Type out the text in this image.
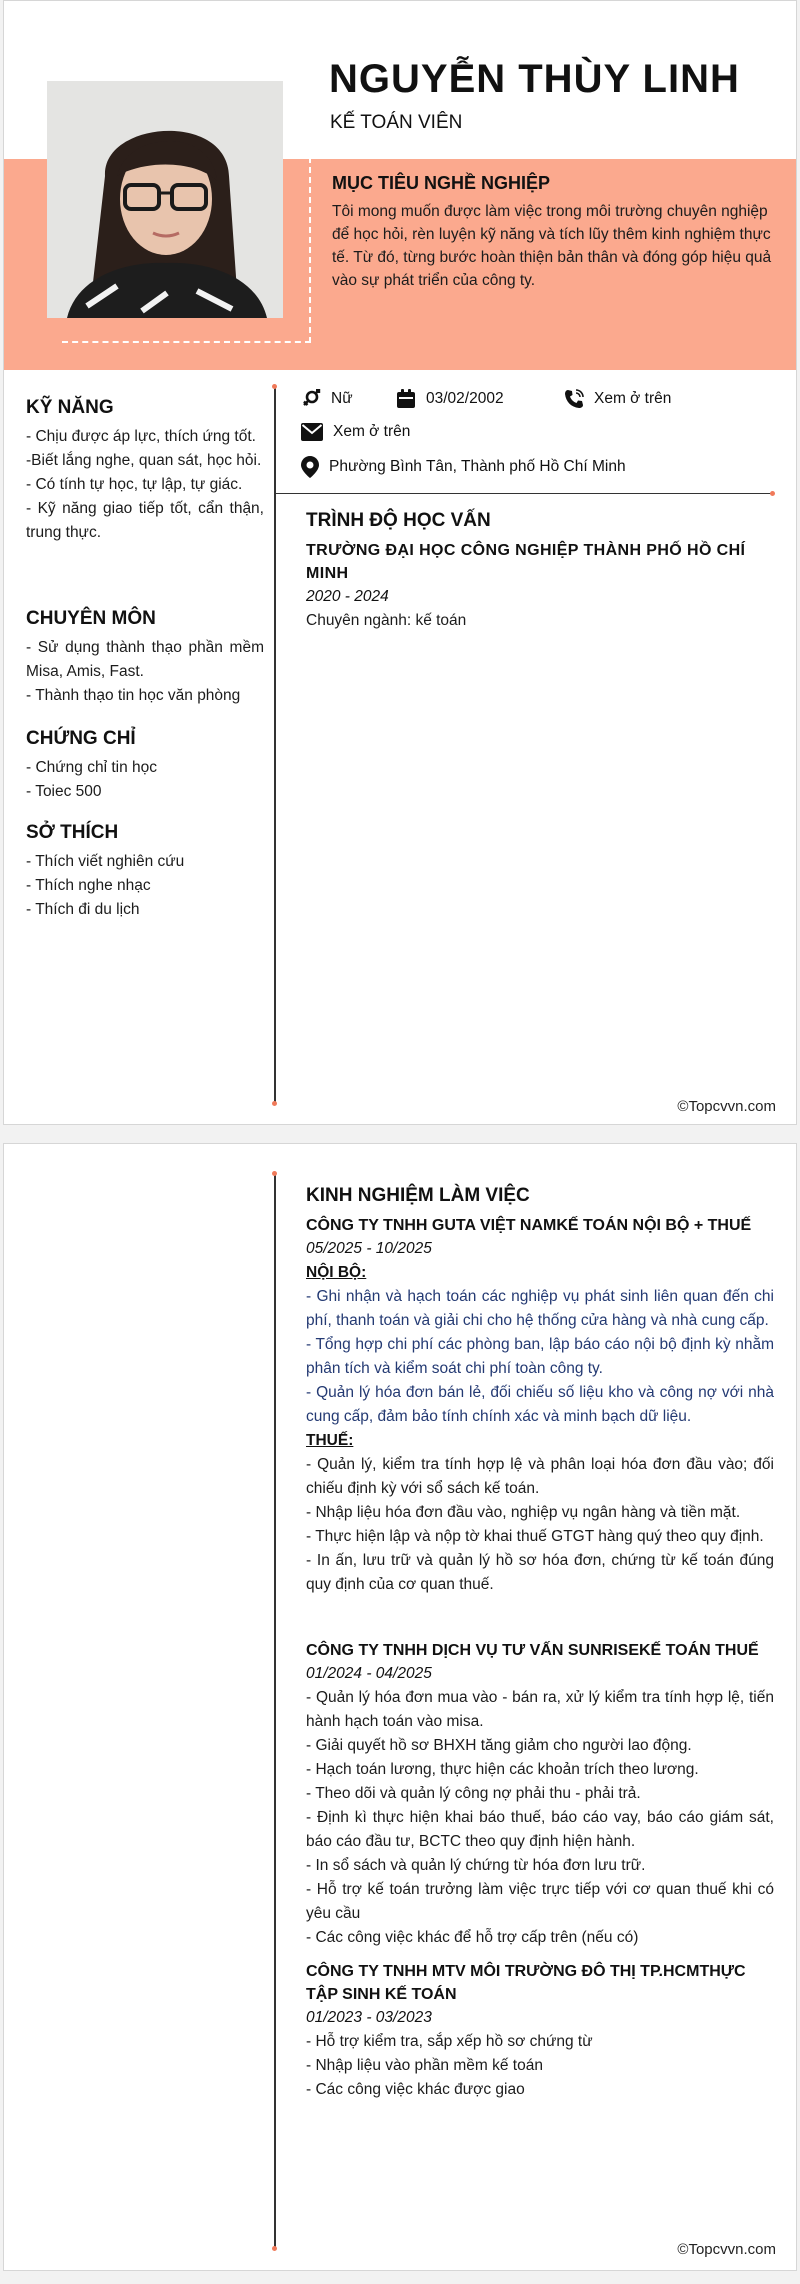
NGUYỄN THÙY LINH
KẾ TOÁN VIÊN
MỤC TIÊU NGHỀ NGHIỆP
Tôi mong muốn được làm việc trong môi trường chuyên nghiệp để học hỏi, rèn luyện kỹ năng và tích lũy thêm kinh nghiệm thực tế. Từ đó, từng bước hoàn thiện bản thân và đóng góp hiệu quả vào sự phát triển của công ty.
KỸ NĂNG

- Chịu được áp lực, thích ứng tốt.

-Biết lắng nghe, quan sát, học hỏi.

- Có tính tự học, tự lập, tự giác.

- Kỹ năng giao tiếp tốt, cẩn thận, trung thực.

CHUYÊN MÔN

- Sử dụng thành thạo phần mềm Misa, Amis, Fast.

- Thành thạo tin học văn phòng

CHỨNG CHỈ

- Chứng chỉ tin học

- Toiec 500

SỞ THÍCH

- Thích viết nghiên cứu

- Thích nghe nhạc

- Thích đi du lịch

Nữ	03/02/2002	Xem ở trên
Xem ở trên
Phường Bình Tân, Thành phố Hồ Chí Minh
TRÌNH ĐỘ HỌC VẤN
TRƯỜNG ĐẠI HỌC CÔNG NGHIỆP THÀNH PHỐ HỒ CHÍ MINH
2020 - 2024

Chuyên ngành: kế toán

©Topcvvn.com
KINH NGHIỆM LÀM VIỆC
CÔNG TY TNHH GUTA VIỆT NAMKẾ TOÁN NỘI BỘ + THUẾ
05/2025 - 10/2025
NỘI BỘ:

- Ghi nhận và hạch toán các nghiệp vụ phát sinh liên quan đến chi phí, thanh toán và giải chi cho hệ thống cửa hàng và nhà cung cấp.

- Tổng hợp chi phí các phòng ban, lập báo cáo nội bộ định kỳ nhằm phân tích và kiểm soát chi phí toàn công ty.

- Quản lý hóa đơn bán lẻ, đối chiếu số liệu kho và công nợ với nhà cung cấp, đảm bảo tính chính xác và minh bạch dữ liệu.

THUẾ:

- Quản lý, kiểm tra tính hợp lệ và phân loại hóa đơn đầu vào; đối chiếu định kỳ với sổ sách kế toán.

- Nhập liệu hóa đơn đầu vào, nghiệp vụ ngân hàng và tiền mặt.

- Thực hiện lập và nộp tờ khai thuế GTGT hàng quý theo quy định.

- In ấn, lưu trữ và quản lý hồ sơ hóa đơn, chứng từ kế toán đúng quy định của cơ quan thuế.

CÔNG TY TNHH DỊCH VỤ TƯ VẤN SUNRISEKẾ TOÁN THUẾ
01/2024 - 04/2025

- Quản lý hóa đơn mua vào - bán ra, xử lý kiểm tra tính hợp lệ, tiến hành hạch toán vào misa.

- Giải quyết hồ sơ BHXH tăng giảm cho người lao động.

- Hạch toán lương, thực hiện các khoản trích theo lương.

- Theo dõi và quản lý công nợ phải thu - phải trả.

- Định kì thực hiện khai báo thuế, báo cáo vay, báo cáo giám sát, báo cáo đầu tư, BCTC theo quy định hiện hành.

- In sổ sách và quản lý chứng từ hóa đơn lưu trữ.

- Hỗ trợ kế toán trưởng làm việc trực tiếp với cơ quan thuế khi có yêu cầu

- Các công việc khác để hỗ trợ cấp trên (nếu có)

CÔNG TY TNHH MTV MÔI TRƯỜNG ĐÔ THỊ TP.HCMTHỰC TẬP SINH KẾ TOÁN
01/2023 - 03/2023

- Hỗ trợ kiểm tra, sắp xếp hồ sơ chứng từ

- Nhập liệu vào phần mềm kế toán

- Các công việc khác được giao

©Topcvvn.com
